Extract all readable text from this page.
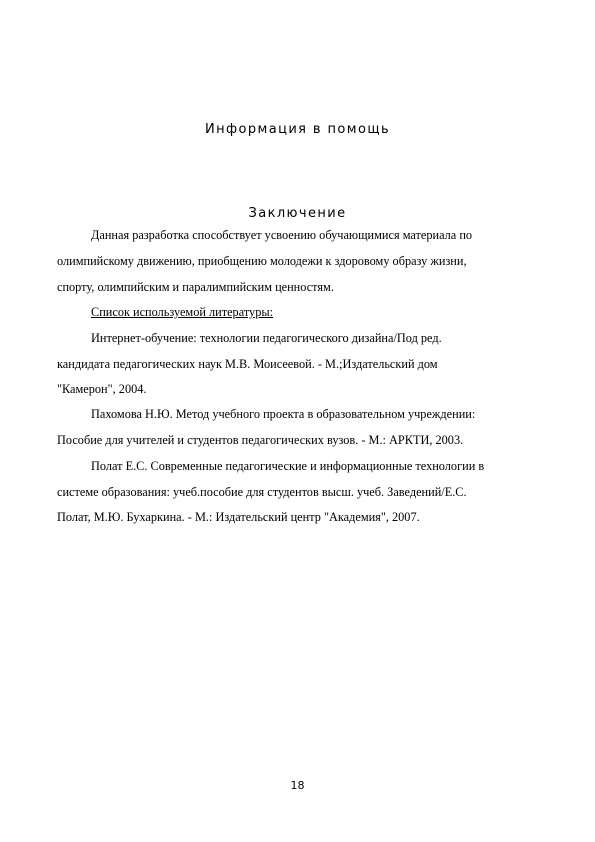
Информация в помощь
Заключение
Данная разработка способствует усвоению обучающимися материала по
олимпийскому движению, приобщению молодежи к здоровому образу жизни,
спорту, олимпийским и паралимпийским ценностям.
Список используемой литературы:
Интернет-обучение: технологии педагогического дизайна/Под ред.
кандидата педагогических наук М.В. Моисеевой. - М.;Издательский дом
"Камерон", 2004.
Пахомова Н.Ю. Метод учебного проекта в образовательном учреждении:
Пособие для учителей и студентов педагогических вузов. - М.: АРКТИ, 2003.
Полат Е.С. Современные педагогические и информационные технологии в
системе образования: учеб.пособие для студентов высш. учеб. Заведений/Е.С.
Полат, М.Ю. Бухаркина. - М.: Издательский центр "Академия", 2007.
18
